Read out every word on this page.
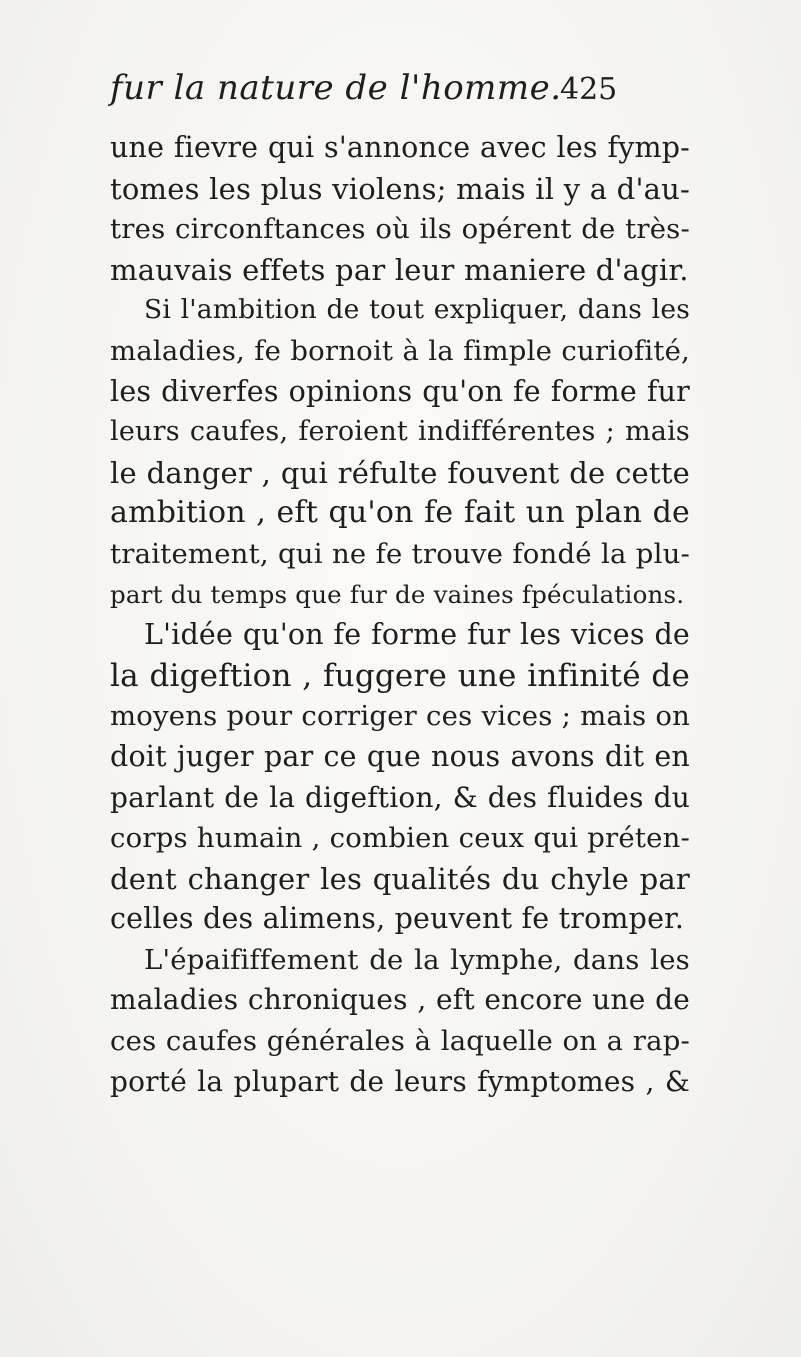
fur la nature de l'homme.
425
une fievre qui s'annonce avec les fymp-
tomes les plus violens; mais il y a d'au-
tres circonftances où ils opérent de très-
mauvais effets par leur maniere d'agir.
Si l'ambition de tout expliquer, dans les
maladies, fe bornoit à la fimple curiofité,
les diverfes opinions qu'on fe forme fur
leurs caufes, feroient indifférentes ; mais
le danger , qui réfulte fouvent de cette
ambition , eft qu'on fe fait un plan de
traitement, qui ne fe trouve fondé la plu-
part du temps que fur de vaines fpéculations.
L'idée qu'on fe forme fur les vices de
la digeftion , fuggere une infinité de
moyens pour corriger ces vices ; mais on
doit juger par ce que nous avons dit en
parlant de la digeftion, & des fluides du
corps humain , combien ceux qui préten-
dent changer les qualités du chyle par
celles des alimens, peuvent fe tromper.
L'épaififfement de la lymphe, dans les
maladies chroniques , eft encore une de
ces caufes générales à laquelle on a rap-
porté la plupart de leurs fymptomes , &
